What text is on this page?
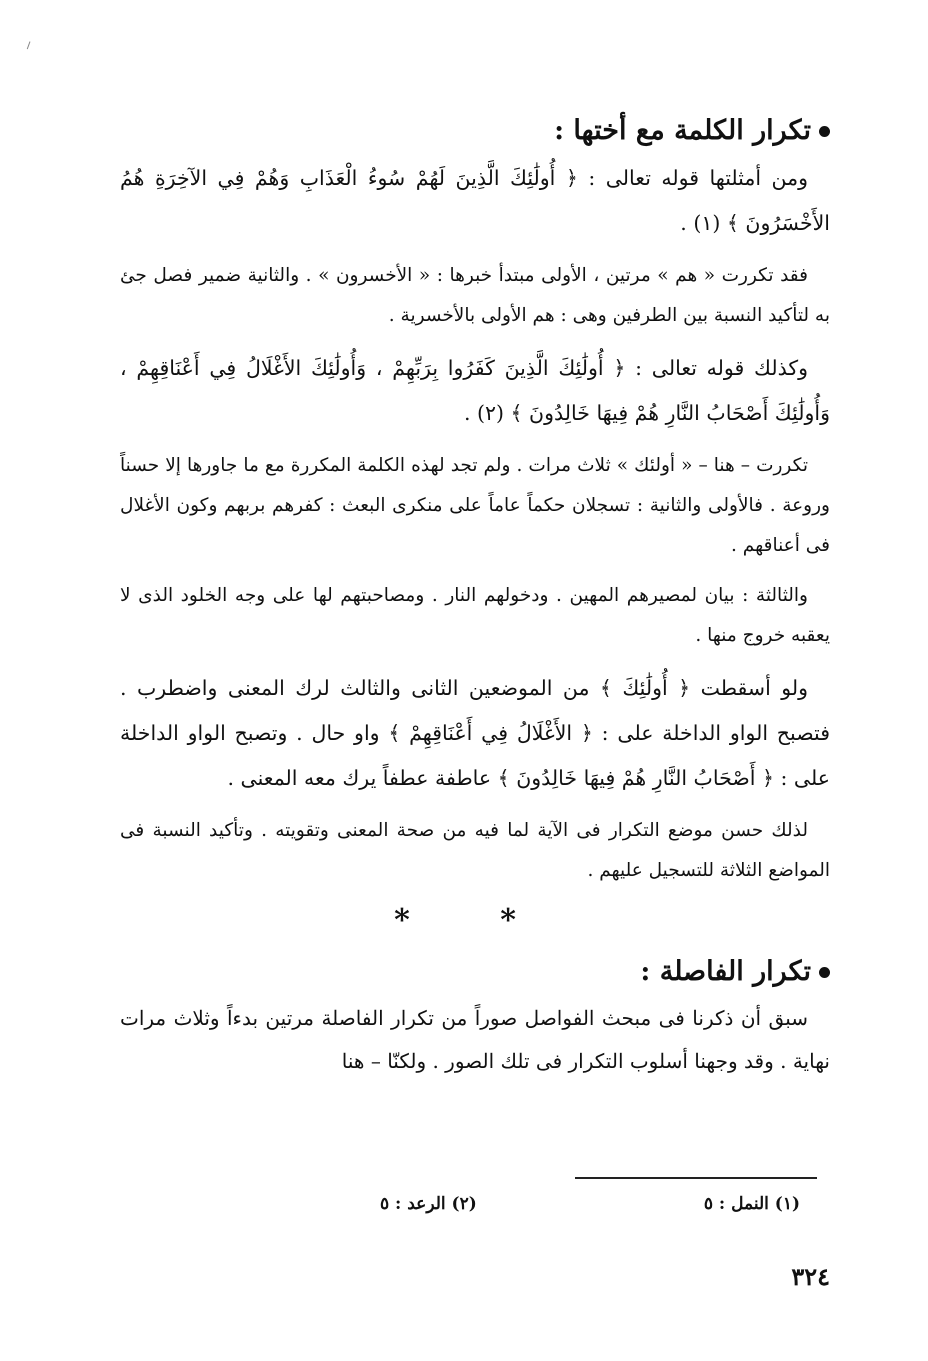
تكرار الكلمة مع أختها :

ومن أمثلتها قوله تعالى : ﴿ أُولَٰئِكَ الَّذِينَ لَهُمْ سُوءُ الْعَذَابِ وَهُمْ فِي الآخِرَةِ هُمُ الأَخْسَرُونَ ﴾ (١) .

فقد تكررت « هم » مرتين ، الأولى مبتدأ خبرها : « الأخسرون » . والثانية ضمير فصل جئ به لتأكيد النسبة بين الطرفين وهى : هم الأولى بالأخسرية .

وكذلك قوله تعالى : ﴿ أُولَٰئِكَ الَّذِينَ كَفَرُوا بِرَبِّهِمْ ، وَأُولَٰئِكَ الأَغْلَالُ فِي أَعْنَاقِهِمْ ، وَأُولَٰئِكَ أَصْحَابُ النَّارِ هُمْ فِيهَا خَالِدُونَ ﴾ (٢) .

تكررت – هنا – « أولئك » ثلاث مرات . ولم تجد لهذه الكلمة المكررة مع ما جاورها إلا حسناً وروعة . فالأولى والثانية : تسجلان حكماً عاماً على منكرى البعث : كفرهم بربهم وكون الأغلال فى أعناقهم .

والثالثة : بيان لمصيرهم المهين . ودخولهم النار . ومصاحبتهم لها على وجه الخلود الذى لا يعقبه خروج منها .

ولو أسقطت ﴿ أُولَٰئِكَ ﴾ من الموضعين الثانى والثالث لرك المعنى واضطرب . فتصبح الواو الداخلة على : ﴿ الأَغْلَالُ فِي أَعْنَاقِهِمْ ﴾ واو حال . وتصبح الواو الداخلة على : ﴿ أَصْحَابُ النَّارِ هُمْ فِيهَا خَالِدُونَ ﴾ عاطفة عطفاً يرك معه المعنى .

لذلك حسن موضع التكرار فى الآية لما فيه من صحة المعنى وتقويته . وتأكيد النسبة فى المواضع الثلاثة للتسجيل عليهم .

* *
تكرار الفاصلة :

سبق أن ذكرنا فى مبحث الفواصل صوراً من تكرار الفاصلة مرتين بدءاً وثلاث مرات نهاية . وقد وجهنا أسلوب التكرار فى تلك الصور . ولكنّا – هنا

(١) النمل : ٥
(٢) الرعد : ٥
٣٢٤
